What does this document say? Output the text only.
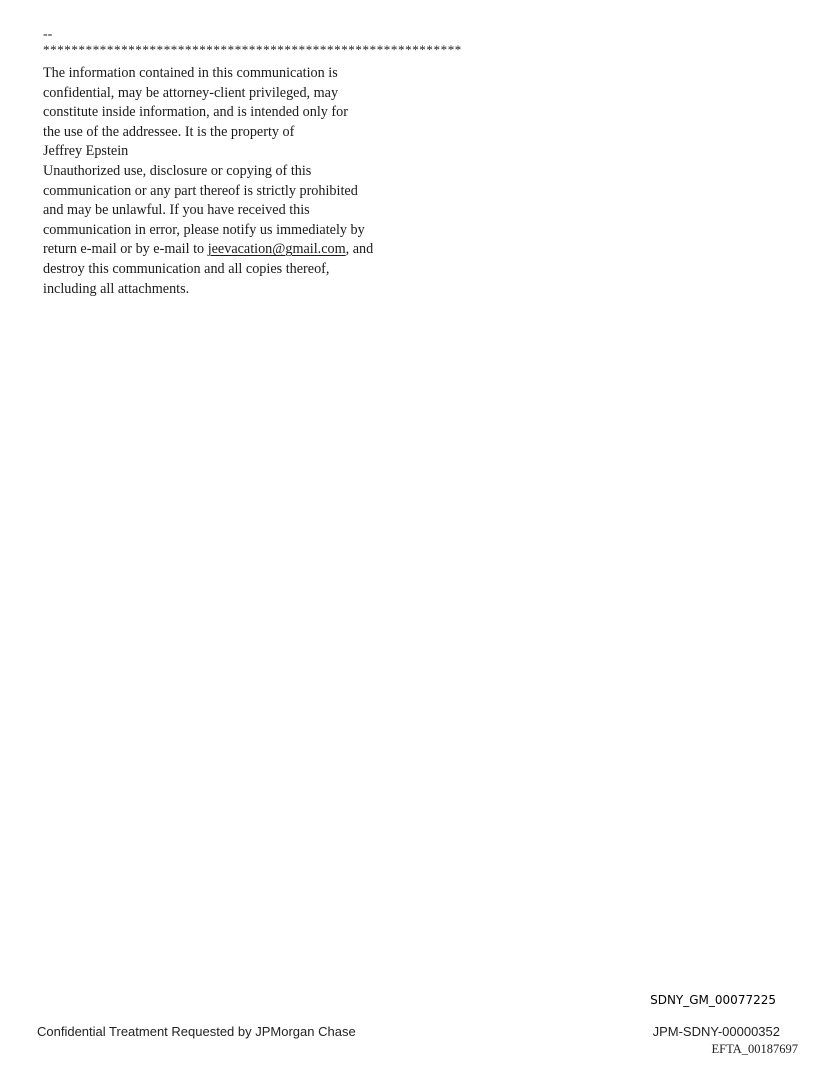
--
***********************************************************
The information contained in this communication is
confidential, may be attorney-client privileged, may
constitute inside information, and is intended only for
the use of the addressee. It is the property of
Jeffrey Epstein
Unauthorized use, disclosure or copying of this
communication or any part thereof is strictly prohibited
and may be unlawful. If you have received this
communication in error, please notify us immediately by
return e-mail or by e-mail to jeevacation@gmail.com, and
destroy this communication and all copies thereof,
including all attachments.
SDNY_GM_00077225
Confidential Treatment Requested by JPMorgan Chase	JPM-SDNY-00000352
EFTA_00187697
